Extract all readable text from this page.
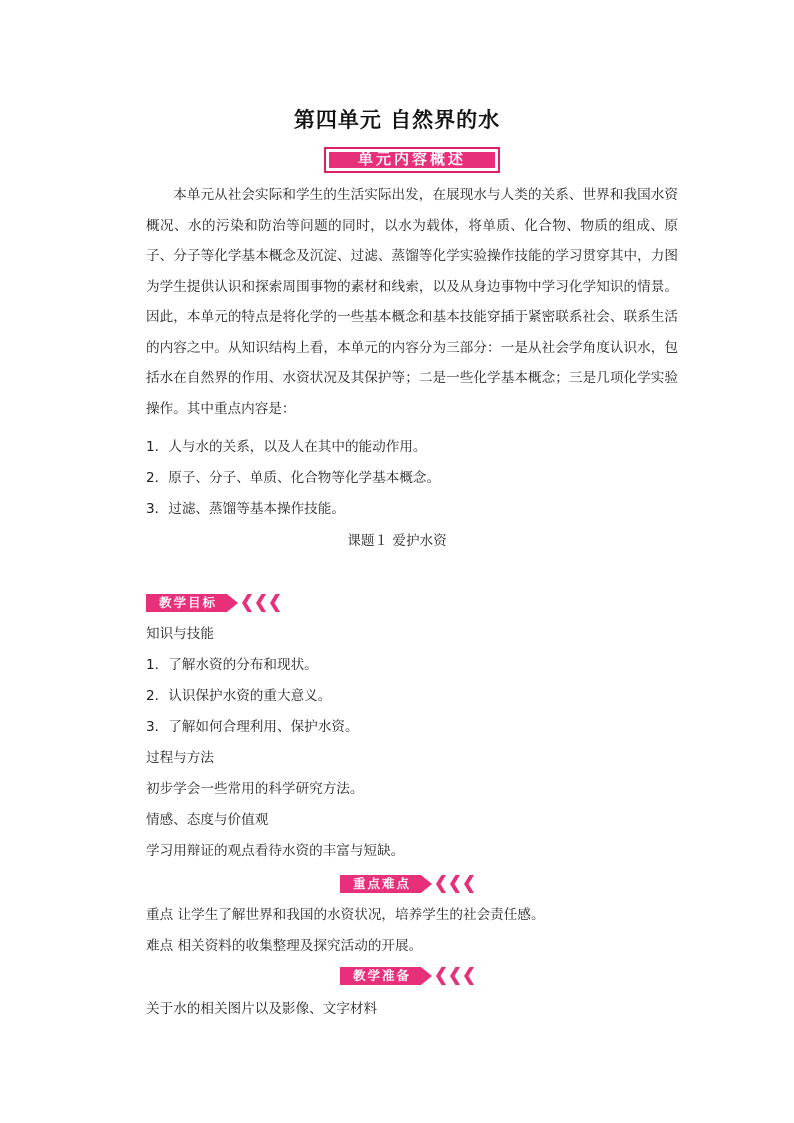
第四单元 自然界的水
单元内容概述
本单元从社会实际和学生的生活实际出发，在展现水与人类的关系、世界和我国水资概况、水的污染和防治等问题的同时，以水为载体，将单质、化合物、物质的组成、原子、分子等化学基本概念及沉淀、过滤、蒸馏等化学实验操作技能的学习贯穿其中，力图为学生提供认识和探索周围事物的素材和线索，以及从身边事物中学习化学知识的情景。因此，本单元的特点是将化学的一些基本概念和基本技能穿插于紧密联系社会、联系生活的内容之中。从知识结构上看，本单元的内容分为三部分：一是从社会学角度认识水，包括水在自然界的作用、水资状况及其保护等；二是一些化学基本概念；三是几项化学实验操作。其中重点内容是：
1．人与水的关系，以及人在其中的能动作用。
2．原子、分子、单质、化合物等化学基本概念。
3．过滤、蒸馏等基本操作技能。
课题１ 爱护水资
教学目标
知识与技能
1．了解水资的分布和现状。
2．认识保护水资的重大意义。
3．了解如何合理利用、保护水资。
过程与方法
初步学会一些常用的科学研究方法。
情感、态度与价值观
学习用辩证的观点看待水资的丰富与短缺。
重点难点
重点 让学生了解世界和我国的水资状况，培养学生的社会责任感。
难点 相关资料的收集整理及探究活动的开展。
教学准备
关于水的相关图片以及影像、文字材料
